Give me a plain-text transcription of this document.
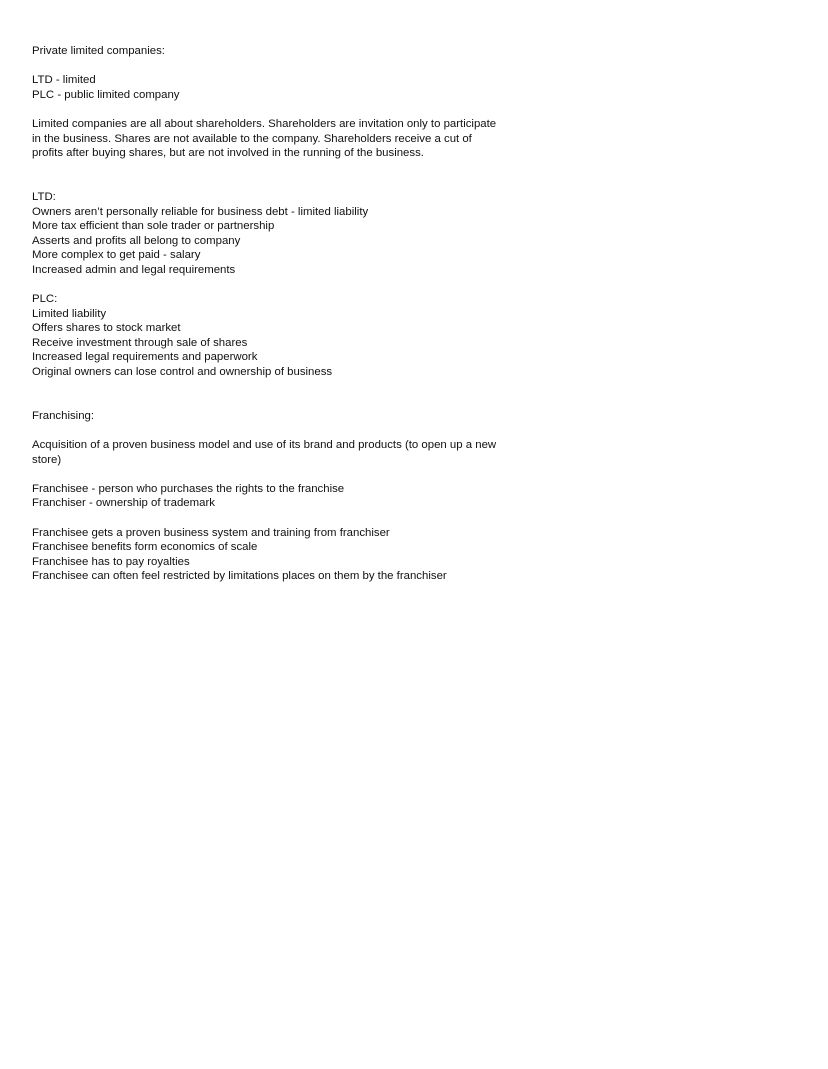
Private limited companies:

LTD - limited

PLC - public limited company

Limited companies are all about shareholders. Shareholders are invitation only to participate in the business. Shares are not available to the company. Shareholders receive a cut of profits after buying shares, but are not involved in the running of the business.

LTD:

Owners aren’t personally reliable for business debt - limited liability

More tax efficient than sole trader or partnership

Asserts and profits all belong to company

More complex to get paid - salary

Increased admin and legal requirements

PLC:

Limited liability

Offers shares to stock market

Receive investment through sale of shares

Increased legal requirements and paperwork

Original owners can lose control and ownership of business

Franchising:

Acquisition of a proven business model and use of its brand and products (to open up a new store)

Franchisee - person who purchases the rights to the franchise

Franchiser - ownership of trademark

Franchisee gets a proven business system and training from franchiser

Franchisee benefits form economics of scale

Franchisee has to pay royalties

Franchisee can often feel restricted by limitations places on them by the franchiser
